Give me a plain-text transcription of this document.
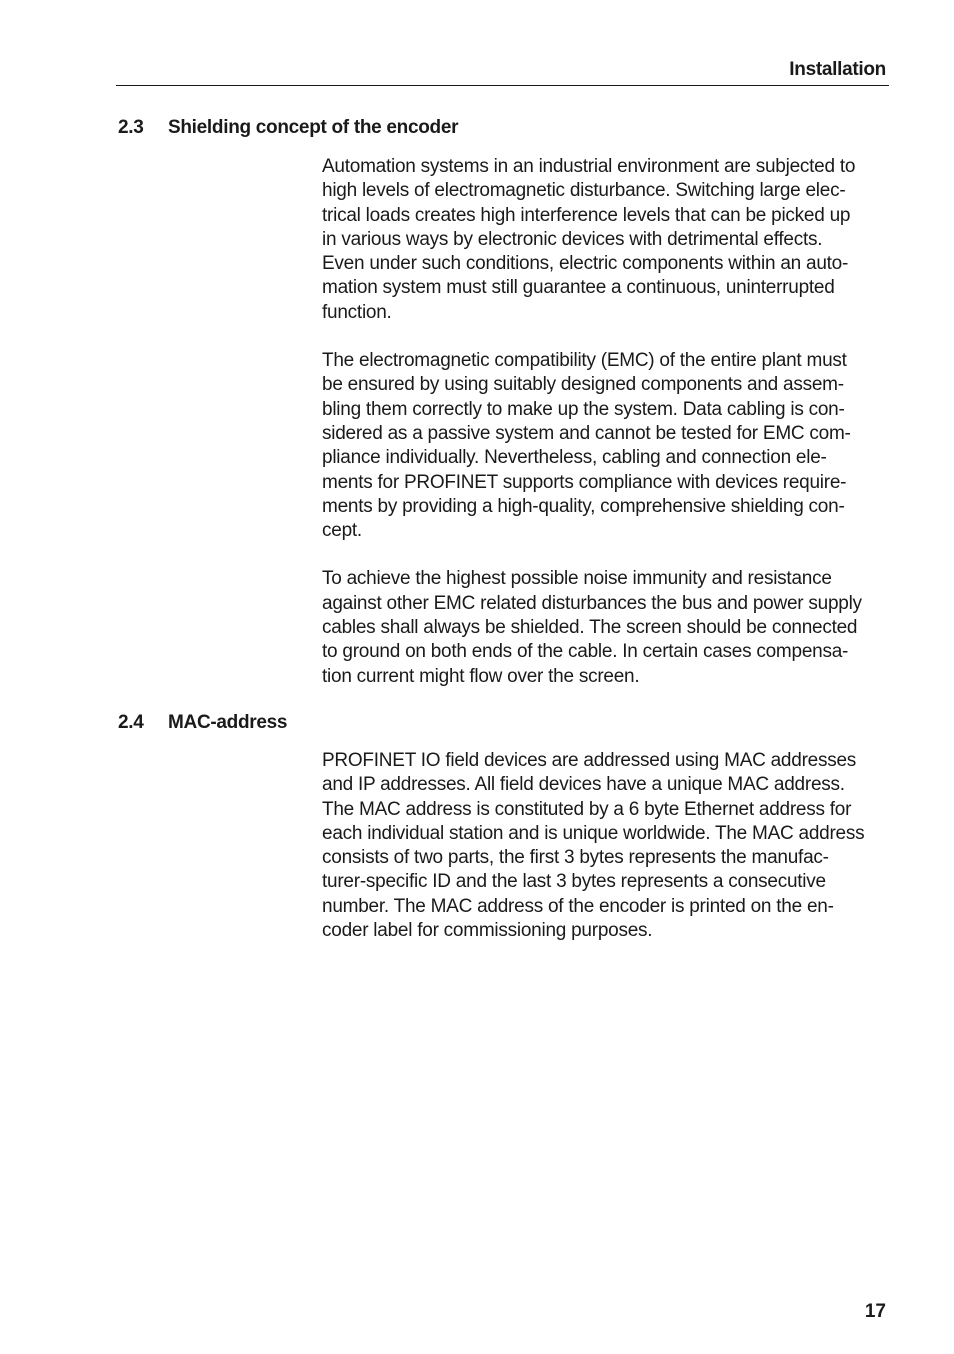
Installation
2.3 Shielding concept of the encoder

Automation systems in an industrial environment are subjected to
high levels of electromagnetic disturbance. Switching large elec-
trical loads creates high interference levels that can be picked up
in various ways by electronic devices with detrimental effects.
Even under such conditions, electric components within an auto-
mation system must still guarantee a continuous, uninterrupted
function.

The electromagnetic compatibility (EMC) of the entire plant must
be ensured by using suitably designed components and assem-
bling them correctly to make up the system. Data cabling is con-
sidered as a passive system and cannot be tested for EMC com-
pliance individually. Nevertheless, cabling and connection ele-
ments for PROFINET supports compliance with devices require-
ments by providing a high-quality, comprehensive shielding con-
cept.

To achieve the highest possible noise immunity and resistance
against other EMC related disturbances the bus and power supply
cables shall always be shielded. The screen should be connected
to ground on both ends of the cable. In certain cases compensa-
tion current might flow over the screen.

2.4 MAC-address

PROFINET IO field devices are addressed using MAC addresses
and IP addresses. All field devices have a unique MAC address.
The MAC address is constituted by a 6 byte Ethernet address for
each individual station and is unique worldwide. The MAC address
consists of two parts, the first 3 bytes represents the manufac-
turer-specific ID and the last 3 bytes represents a consecutive
number. The MAC address of the encoder is printed on the en-
coder label for commissioning purposes.

17
